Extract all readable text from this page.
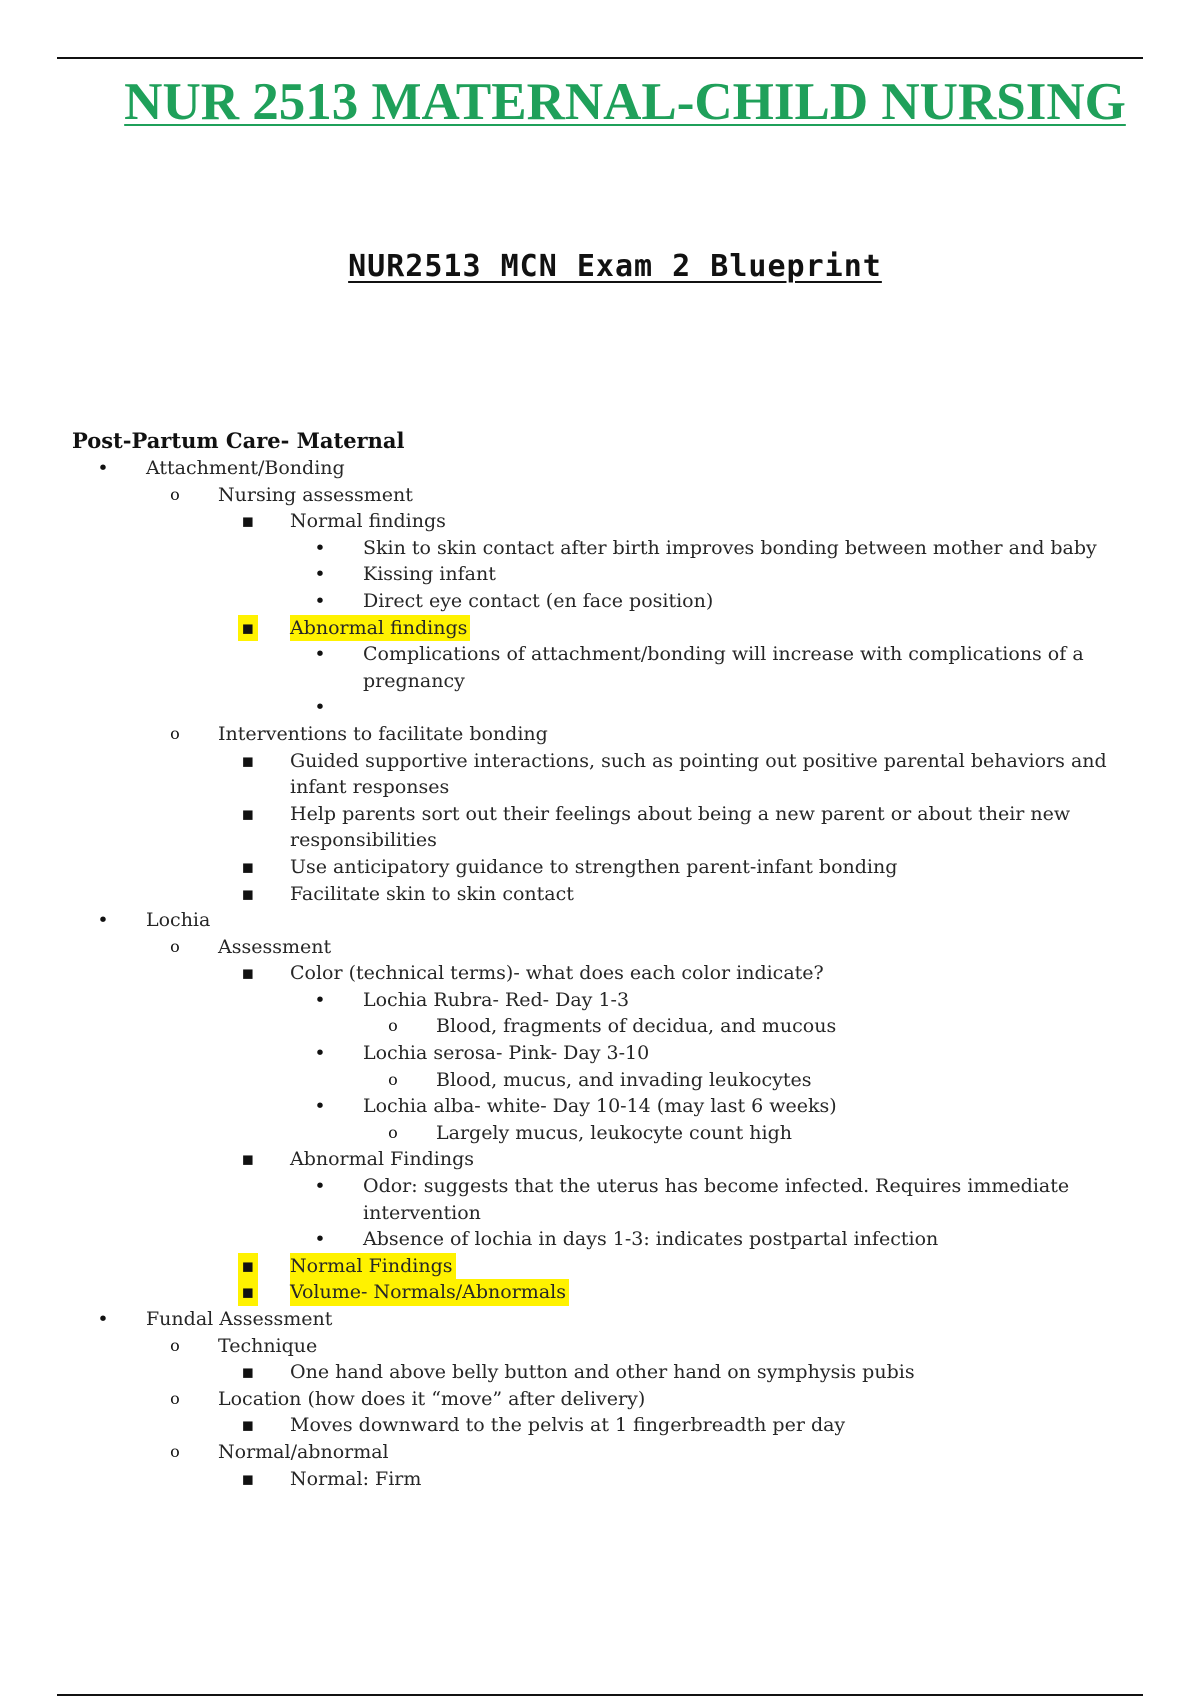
NUR 2513 MATERNAL-CHILD NURSING
NUR2513 MCN Exam 2 Blueprint
Post-Partum Care- Maternal
• Attachment/Bonding
o Nursing assessment
▪ Normal findings
• Skin to skin contact after birth improves bonding between mother and baby
• Kissing infant
• Direct eye contact (en face position)
▪ Abnormal findings
• Complications of attachment/bonding will increase with complications of a pregnancy
•

o Interventions to facilitate bonding
▪ Guided supportive interactions, such as pointing out positive parental behaviors and infant responses
▪ Help parents sort out their feelings about being a new parent or about their new responsibilities
▪ Use anticipatory guidance to strengthen parent-infant bonding
▪ Facilitate skin to skin contact
• Lochia
o Assessment
▪ Color (technical terms)- what does each color indicate?
• Lochia Rubra- Red- Day 1-3
o Blood, fragments of decidua, and mucous
• Lochia serosa- Pink- Day 3-10
o Blood, mucus, and invading leukocytes
• Lochia alba- white- Day 10-14 (may last 6 weeks)
o Largely mucus, leukocyte count high
▪ Abnormal Findings
• Odor: suggests that the uterus has become infected. Requires immediate intervention
• Absence of lochia in days 1-3: indicates postpartal infection
▪ Normal Findings
▪ Volume- Normals/Abnormals
• Fundal Assessment
o Technique
▪ One hand above belly button and other hand on symphysis pubis
o Location (how does it “move” after delivery)
▪ Moves downward to the pelvis at 1 fingerbreadth per day
o Normal/abnormal
▪ Normal: Firm
